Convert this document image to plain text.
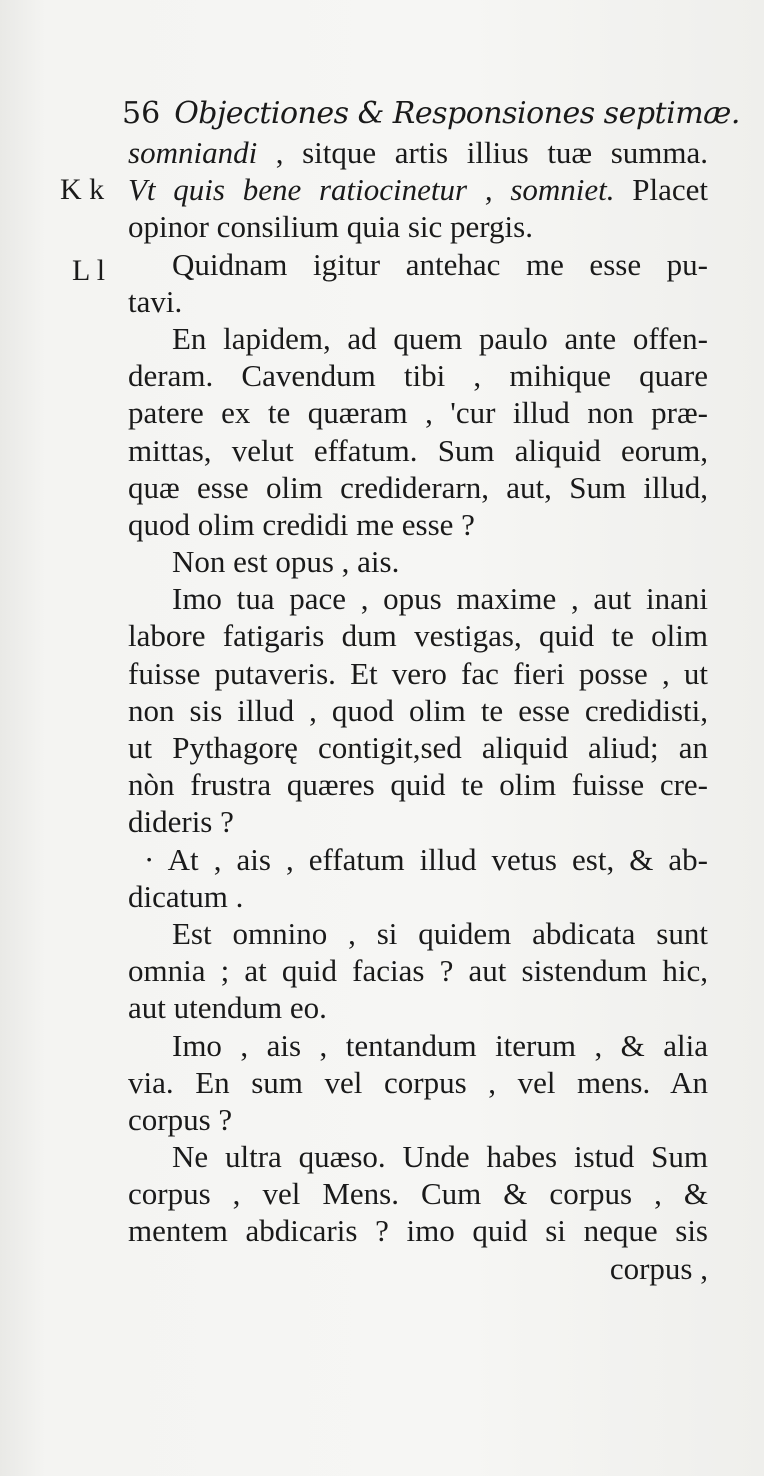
56 Objectiones & Responsiones septimæ.
K k
L l
somniandi , sitque artis illius tuæ summa.
Vt quis bene ratiocinetur , somniet. Placet
opinor consilium quia sic pergis.
Quidnam igitur antehac me esse pu-
tavi.
En lapidem, ad quem paulo ante offen-
deram. Cavendum tibi , mihique quare
patere ex te quæram , 'cur illud non præ-
mittas, velut effatum. Sum aliquid eorum,
quæ esse olim crediderarn, aut, Sum illud,
quod olim credidi me esse ?
Non est opus , ais.
Imo tua pace , opus maxime , aut inani
labore fatigaris dum vestigas, quid te olim
fuisse putaveris. Et vero fac fieri posse , ut
non sis illud , quod olim te esse credidisti,
ut Pythagorę contigit,sed aliquid aliud; an
nòn frustra quæres quid te olim fuisse cre-
dideris ?
· At , ais , effatum illud vetus est, & ab-
dicatum .
Est omnino , si quidem abdicata sunt
omnia ; at quid facias ? aut sistendum hic,
aut utendum eo.
Imo , ais , tentandum iterum , & alia
via. En sum vel corpus , vel mens. An
corpus ?
Ne ultra quæso. Unde habes istud Sum
corpus , vel Mens. Cum & corpus , &
mentem abdicaris ? imo quid si neque sis
corpus ,
